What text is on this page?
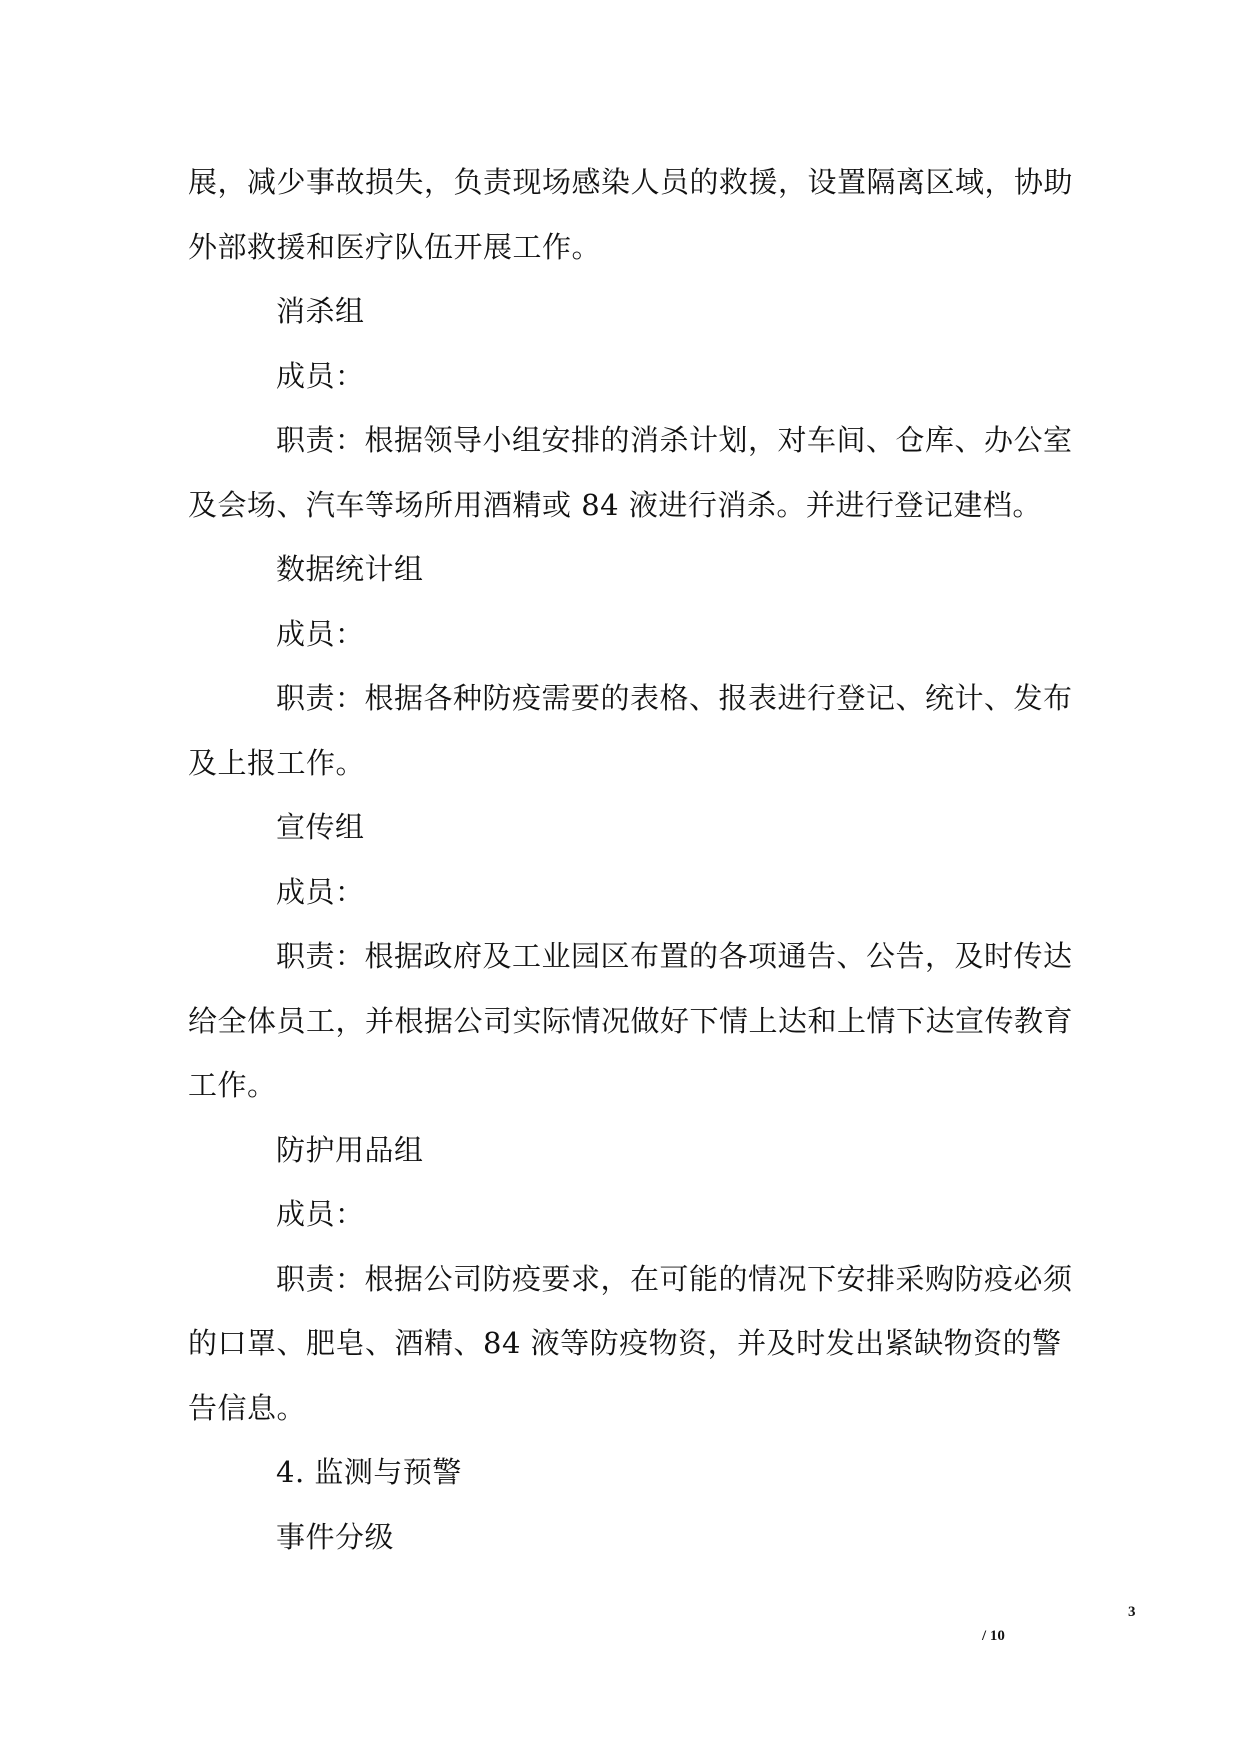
展，减少事故损失，负责现场感染人员的救援，设置隔离区域，协助
外部救援和医疗队伍开展工作。
消杀组
成员：
职责：根据领导小组安排的消杀计划，对车间、仓库、办公室
及会场、汽车等场所用酒精或 84 液进行消杀。并进行登记建档。
数据统计组
成员：
职责：根据各种防疫需要的表格、报表进行登记、统计、发布
及上报工作。
宣传组
成员：
职责：根据政府及工业园区布置的各项通告、公告，及时传达
给全体员工，并根据公司实际情况做好下情上达和上情下达宣传教育
工作。
防护用品组
成员：
职责：根据公司防疫要求，在可能的情况下安排采购防疫必须
的口罩、肥皂、酒精、84 液等防疫物资，并及时发出紧缺物资的警
告信息。
4. 监测与预警
事件分级
3
/ 10
